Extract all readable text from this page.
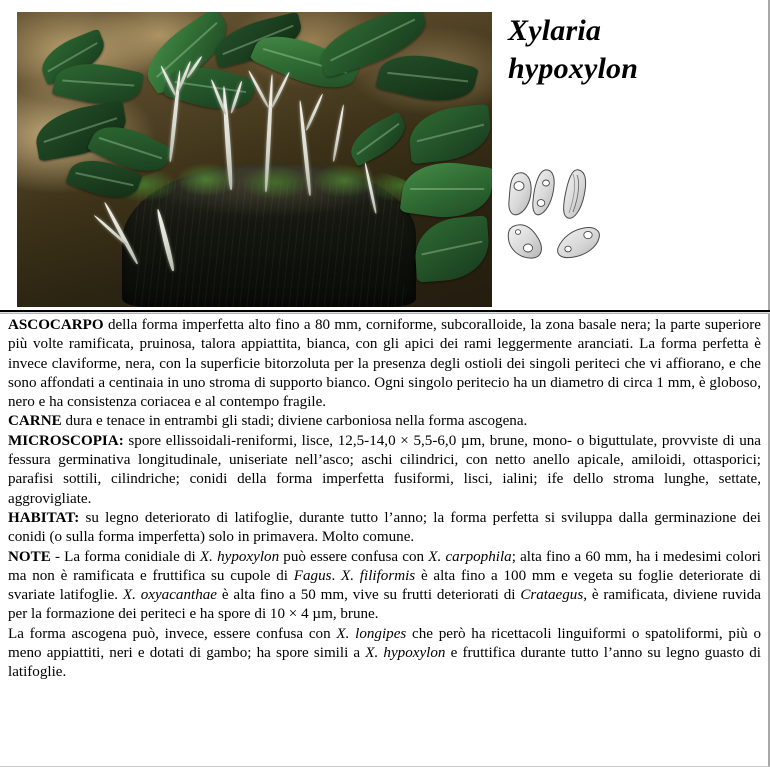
Xylaria
hypoxylon

ASCOCARPO della forma imperfetta alto fino a 80 mm, corniforme, subcoralloide, la zona basale nera; la parte superiore più volte ramificata, pruinosa, talora appiattita, bianca, con gli apici dei rami leggermente aranciati. La forma perfetta è invece claviforme, nera, con la superficie bitorzoluta per la presenza degli ostioli dei singoli periteci che vi affiorano, e che sono affondati a centinaia in uno stroma di supporto bianco. Ogni singolo peritecio ha un diametro di circa 1 mm, è globoso, nero e ha consistenza coriacea e al contempo fragile.

CARNE dura e tenace in entrambi gli stadi; diviene carboniosa nella forma ascogena.

MICROSCOPIA: spore ellissoidali-reniformi, lisce, 12,5-14,0 × 5,5-6,0 µm, brune, mono- o biguttulate, provviste di una fessura germinativa longitudinale, uniseriate nell’asco; aschi cilindrici, con netto anello apicale, amiloidi, ottasporici; parafisi sottili, cilindriche; conidi della forma imperfetta fusiformi, lisci, ialini; ife dello stroma lunghe, settate, aggrovigliate.

HABITAT: su legno deteriorato di latifoglie, durante tutto l’anno; la forma perfetta si sviluppa dalla germinazione dei conidi (o sulla forma imperfetta) solo in primavera. Molto comune.

NOTE - La forma conidiale di X. hypoxylon può essere confusa con X. carpophila; alta fino a 60 mm, ha i medesimi colori ma non è ramificata e fruttifica su cupole di Fagus. X. filiformis è alta fino a 100 mm e vegeta su foglie deteriorate di svariate latifoglie. X. oxyacanthae è alta fino a 50 mm, vive su frutti deteriorati di Crataegus, è ramificata, diviene ruvida per la formazione dei periteci e ha spore di 10 × 4 µm, brune.

La forma ascogena può, invece, essere confusa con X. longipes che però ha ricettacoli linguiformi o spatoliformi, più o meno appiattiti, neri e dotati di gambo; ha spore simili a X. hypoxylon e fruttifica durante tutto l’anno su legno guasto di latifoglie.
